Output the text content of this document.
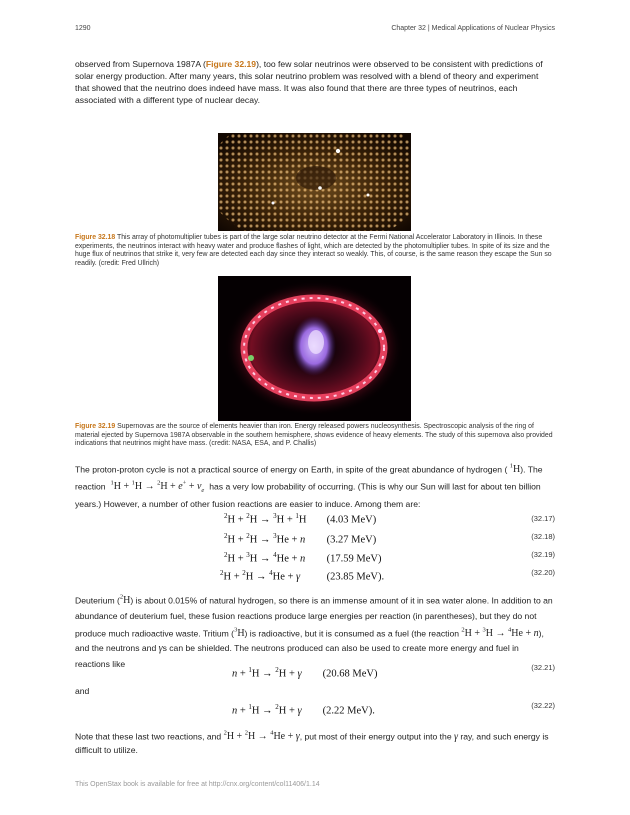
1290	Chapter 32 | Medical Applications of Nuclear Physics

observed from Supernova 1987A (Figure 32.19), too few solar neutrinos were observed to be consistent with predictions of solar energy production. After many years, this solar neutrino problem was resolved with a blend of theory and experiment that showed that the neutrino does indeed have mass. It was also found that there are three types of neutrinos, each associated with a different type of nuclear decay.

Figure 32.18 This array of photomultiplier tubes is part of the large solar neutrino detector at the Fermi National Accelerator Laboratory in Illinois. In these experiments, the neutrinos interact with heavy water and produce flashes of light, which are detected by the photomultiplier tubes. In spite of its size and the huge flux of neutrinos that strike it, very few are detected each day since they interact so weakly. This, of course, is the same reason they escape the Sun so readily. (credit: Fred Ullrich)

Figure 32.19 Supernovas are the source of elements heavier than iron. Energy released powers nucleosynthesis. Spectroscopic analysis of the ring of material ejected by Supernova 1987A observable in the southern hemisphere, shows evidence of heavy elements. The study of this supernova also provided indications that neutrinos might have mass. (credit: NASA, ESA, and P. Challis)

The proton-proton cycle is not a practical source of energy on Earth, in spite of the great abundance of hydrogen ( $^1$H). The reaction $^1H + ^1H \to ^2H + e^+ + v_e$ has a very low probability of occurring. (This is why our Sun will last for about ten billion years.) However, a number of other fusion reactions are easier to induce. Among them are:

$^2$H + $^2$H → $^3$H + $^1$H (4.03 MeV)	(32.17)
$^2$H + $^2$H → $^3$He + n (3.27 MeV)	(32.18)
$^2$H + $^3$H → $^4$He + n (17.59 MeV)	(32.19)
$^2$H + $^2$H → $^4$He + γ	(23.85 MeV).	(32.20)

Deuterium ($^2$H) is about 0.015% of natural hydrogen, so there is an immense amount of it in sea water alone. In addition to an abundance of deuterium fuel, these fusion reactions produce large energies per reaction (in parentheses), but they do not produce much radioactive waste. Tritium ($^3$H) is radioactive, but it is consumed as a fuel (the reaction $^2$H + $^3$H → $^4$He + n), and the neutrons and γs can be shielded. The neutrons produced can also be used to create more energy and fuel in reactions like

n + $^1$H → $^2$H + γ (20.68 MeV)
(32.21)

and

n + $^1$H → $^2$H + γ (2.22 MeV).	(32.22)

Note that these last two reactions, and $^2$H + $^2$H → $^4$He + γ, put most of their energy output into the γ ray, and such energy is difficult to utilize.

This OpenStax book is available for free at http://cnx.org/content/col11406/1.14
